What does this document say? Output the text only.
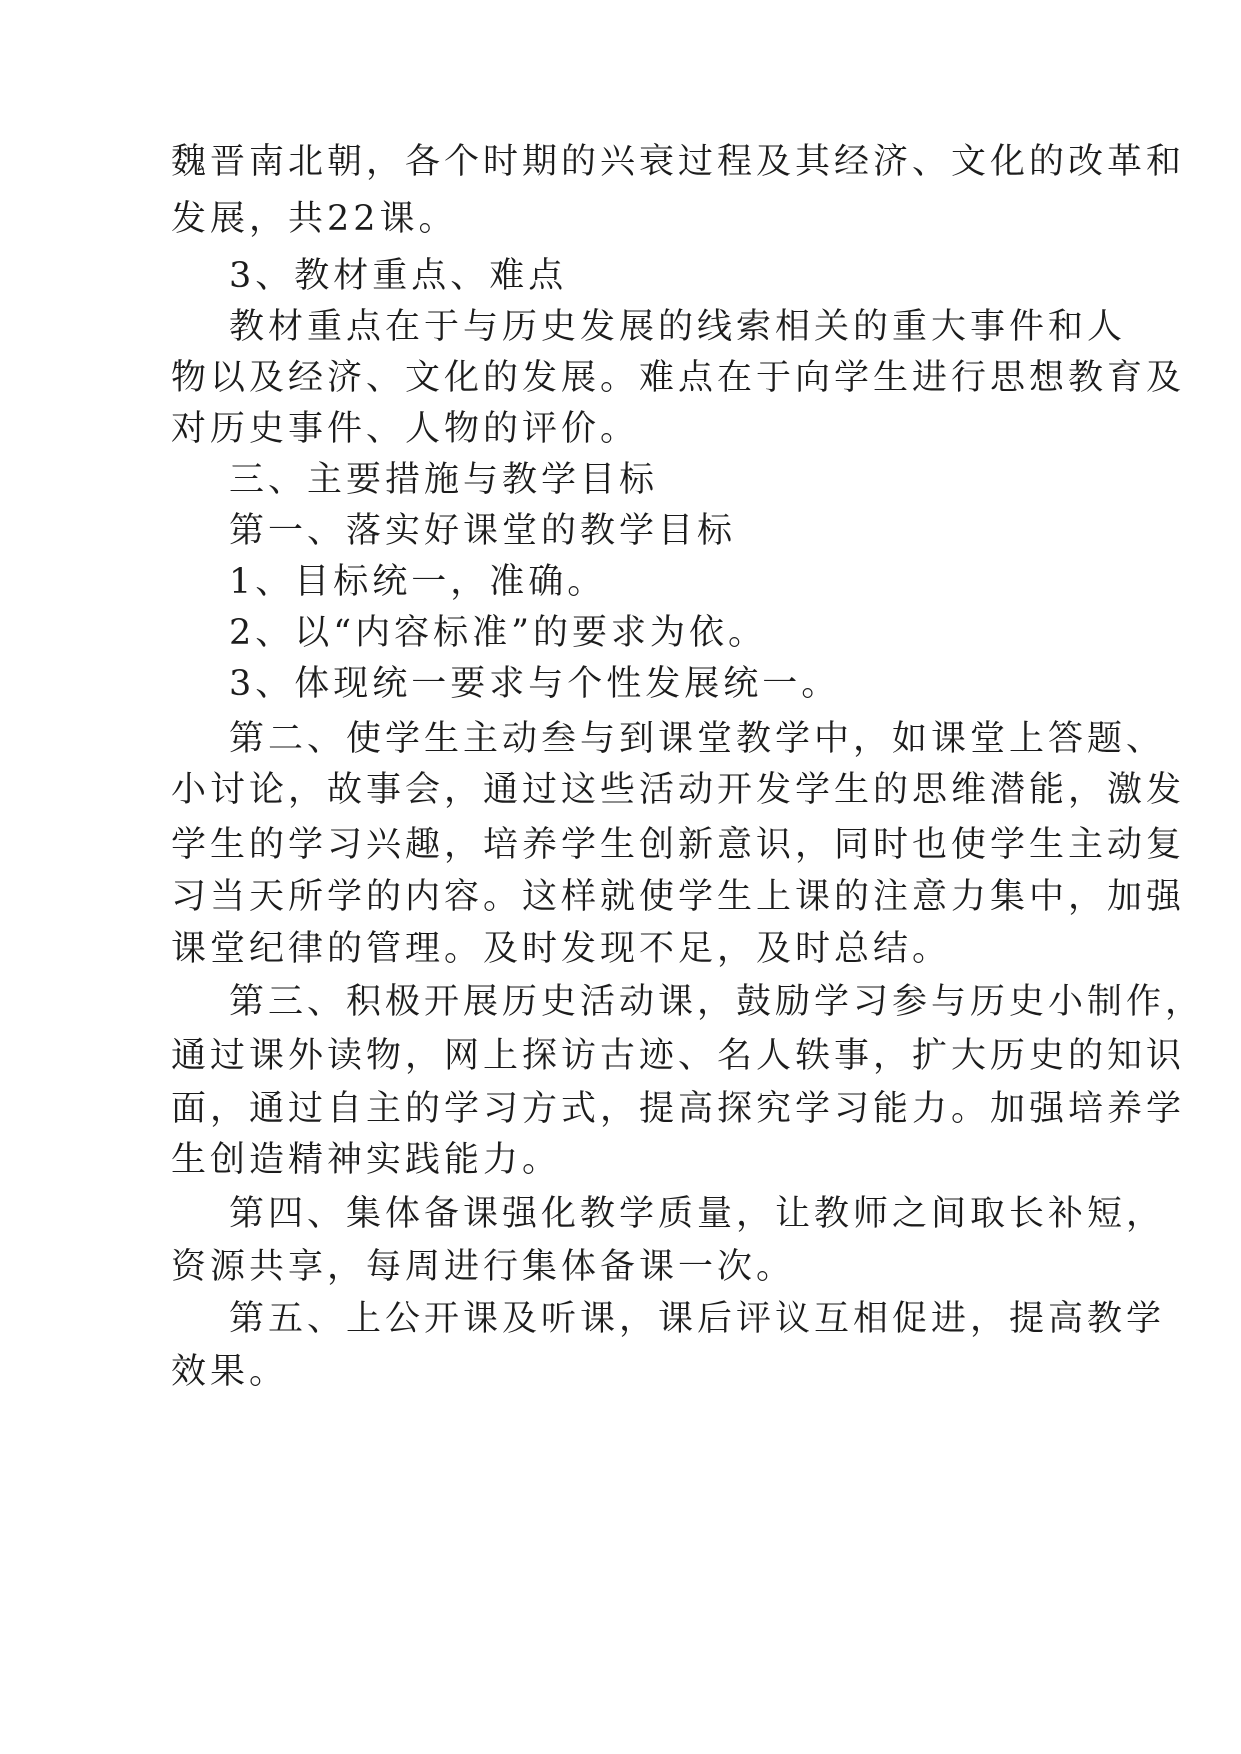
魏晋南北朝，各个时期的兴衰过程及其经济、文化的改革和

发展，共22课。

3、教材重点、难点

教材重点在于与历史发展的线索相关的重大事件和人

物以及经济、文化的发展。难点在于向学生进行思想教育及

对历史事件、人物的评价。

三、主要措施与教学目标

第一、落实好课堂的教学目标

1、目标统一，准确。

2、以“内容标准”的要求为依。

3、体现统一要求与个性发展统一。

第二、使学生主动叁与到课堂教学中，如课堂上答题、

小讨论，故事会，通过这些活动开发学生的思维潜能，激发

学生的学习兴趣，培养学生创新意识，同时也使学生主动复

习当天所学的内容。这样就使学生上课的注意力集中，加强

课堂纪律的管理。及时发现不足，及时总结。

第三、积极开展历史活动课，鼓励学习参与历史小制作，

通过课外读物，网上探访古迹、名人轶事，扩大历史的知识

面，通过自主的学习方式，提高探究学习能力。加强培养学

生创造精神实践能力。

第四、集体备课强化教学质量，让教师之间取长补短，

资源共享，每周进行集体备课一次。

第五、上公开课及听课，课后评议互相促进，提高教学

效果。
